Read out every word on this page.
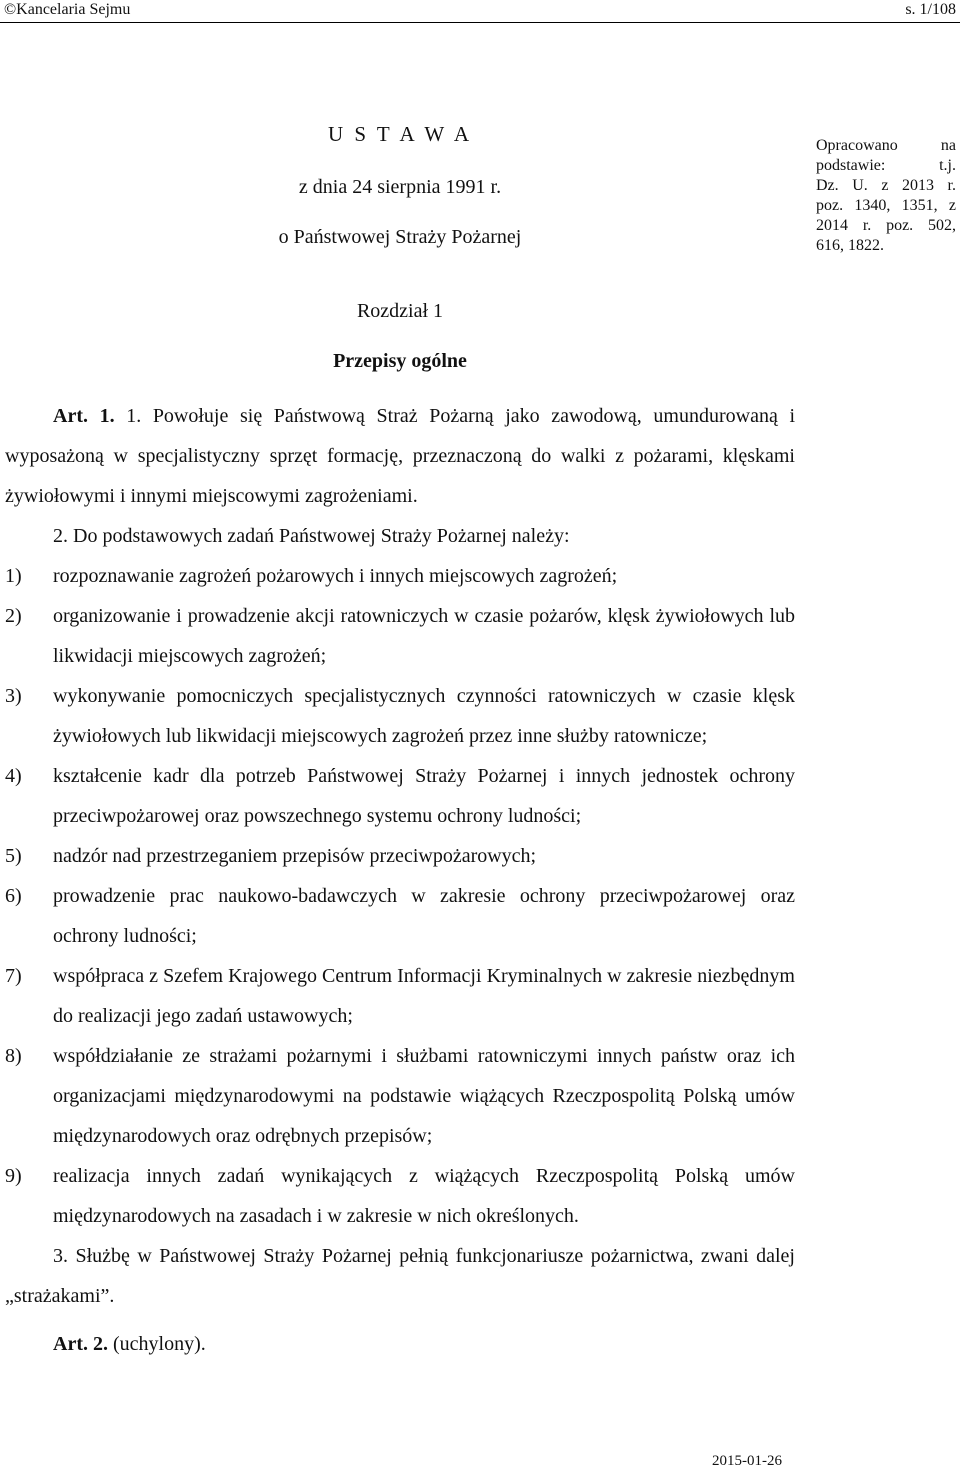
©Kancelaria Sejmu	s. 1/108
U S T A W A
z dnia 24 sierpnia 1991 r.
o Państwowej Straży Pożarnej
Opracowano na
podstawie: t.j.
Dz. U. z 2013 r.
poz. 1340, 1351, z
2014 r. poz. 502,
616, 1822.
Rozdział 1
Przepisy ogólne

Art. 1. 1. Powołuje się Państwową Straż Pożarną jako zawodową, umundurowaną i wyposażoną w specjalistyczny sprzęt formację, przeznaczoną do walki z pożarami, klęskami żywiołowymi i innymi miejscowymi zagrożeniami.

2. Do podstawowych zadań Państwowej Straży Pożarnej należy:

1) rozpoznawanie zagrożeń pożarowych i innych miejscowych zagrożeń;
2) organizowanie i prowadzenie akcji ratowniczych w czasie pożarów, klęsk żywiołowych lub likwidacji miejscowych zagrożeń;
3) wykonywanie pomocniczych specjalistycznych czynności ratowniczych w czasie klęsk żywiołowych lub likwidacji miejscowych zagrożeń przez inne służby ratownicze;
4) kształcenie kadr dla potrzeb Państwowej Straży Pożarnej i innych jednostek ochrony przeciwpożarowej oraz powszechnego systemu ochrony ludności;
5) nadzór nad przestrzeganiem przepisów przeciwpożarowych;
6) prowadzenie prac naukowo-badawczych w zakresie ochrony przeciwpożarowej oraz ochrony ludności;
7) współpraca z Szefem Krajowego Centrum Informacji Kryminalnych w zakresie niezbędnym do realizacji jego zadań ustawowych;
8) współdziałanie ze strażami pożarnymi i służbami ratowniczymi innych państw oraz ich organizacjami międzynarodowymi na podstawie wiążących Rzeczpospolitą Polską umów międzynarodowych oraz odrębnych przepisów;
9) realizacja innych zadań wynikających z wiążących Rzeczpospolitą Polską umów międzynarodowych na zasadach i w zakresie w nich określonych.

3. Służbę w Państwowej Straży Pożarnej pełnią funkcjonariusze pożarnictwa, zwani dalej „strażakami”.

Art. 2. (uchylony).

2015-01-26
